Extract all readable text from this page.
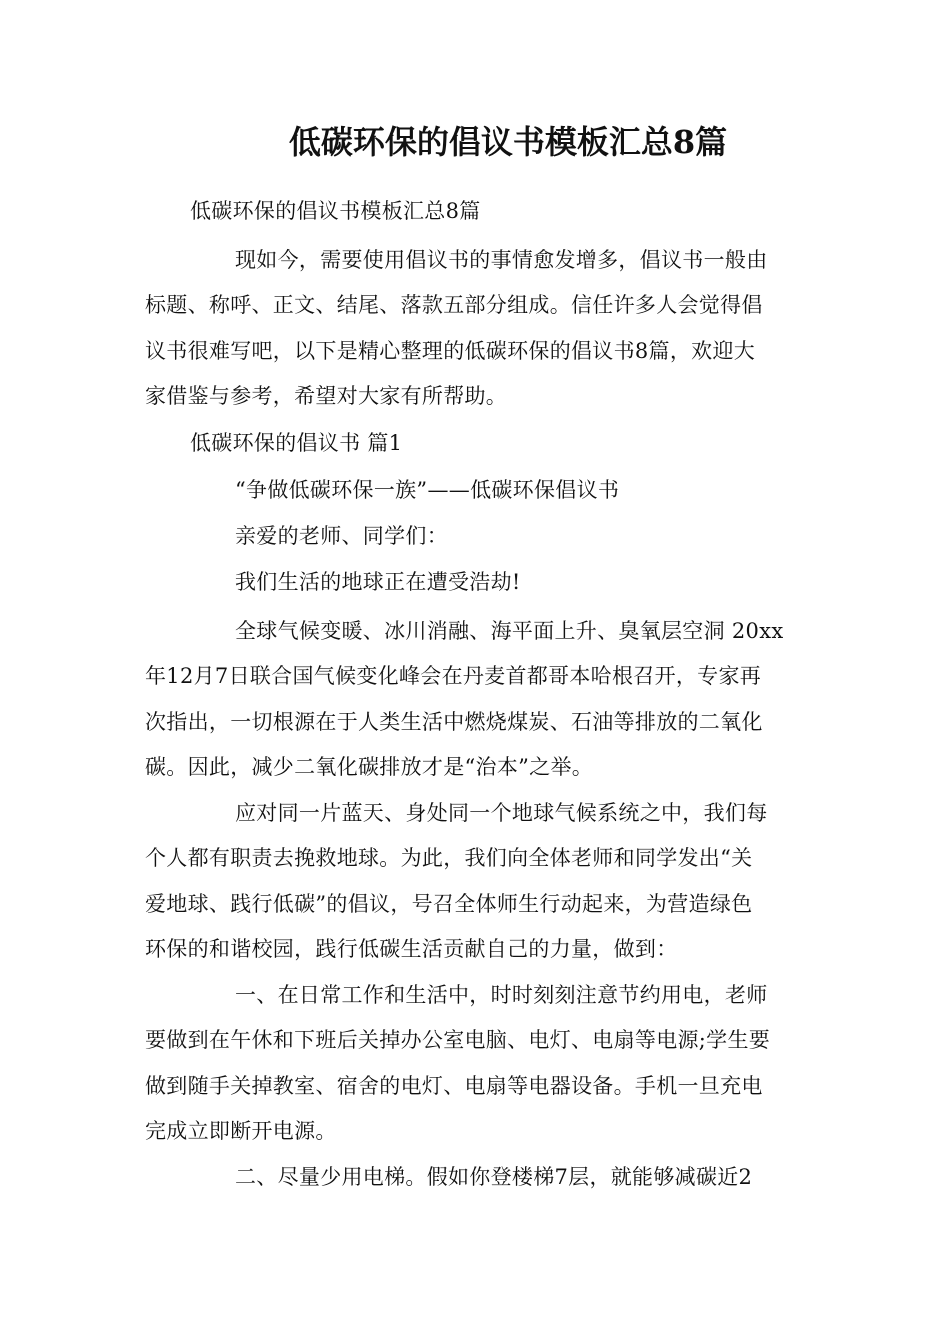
低碳环保的倡议书模板汇总8篇
低碳环保的倡议书模板汇总8篇
现如今，需要使用倡议书的事情愈发增多，倡议书一般由
标题、称呼、正文、结尾、落款五部分组成。信任许多人会觉得倡
议书很难写吧，以下是精心整理的低碳环保的倡议书8篇，欢迎大
家借鉴与参考，希望对大家有所帮助。
低碳环保的倡议书 篇1
“争做低碳环保一族”——低碳环保倡议书
亲爱的老师、同学们：
我们生活的地球正在遭受浩劫!
全球气候变暖、冰川消融、海平面上升、臭氧层空洞 20xx
年12月7日联合国气候变化峰会在丹麦首都哥本哈根召开，专家再
次指出，一切根源在于人类生活中燃烧煤炭、石油等排放的二氧化
碳。因此，减少二氧化碳排放才是“治本”之举。
应对同一片蓝天、身处同一个地球气候系统之中，我们每
个人都有职责去挽救地球。为此，我们向全体老师和同学发出“关
爱地球、践行低碳”的倡议，号召全体师生行动起来，为营造绿色
环保的和谐校园，践行低碳生活贡献自己的力量，做到：
一、在日常工作和生活中，时时刻刻注意节约用电，老师
要做到在午休和下班后关掉办公室电脑、电灯、电扇等电源;学生要
做到随手关掉教室、宿舍的电灯、电扇等电器设备。手机一旦充电
完成立即断开电源。
二、尽量少用电梯。假如你登楼梯7层，就能够减碳近2
